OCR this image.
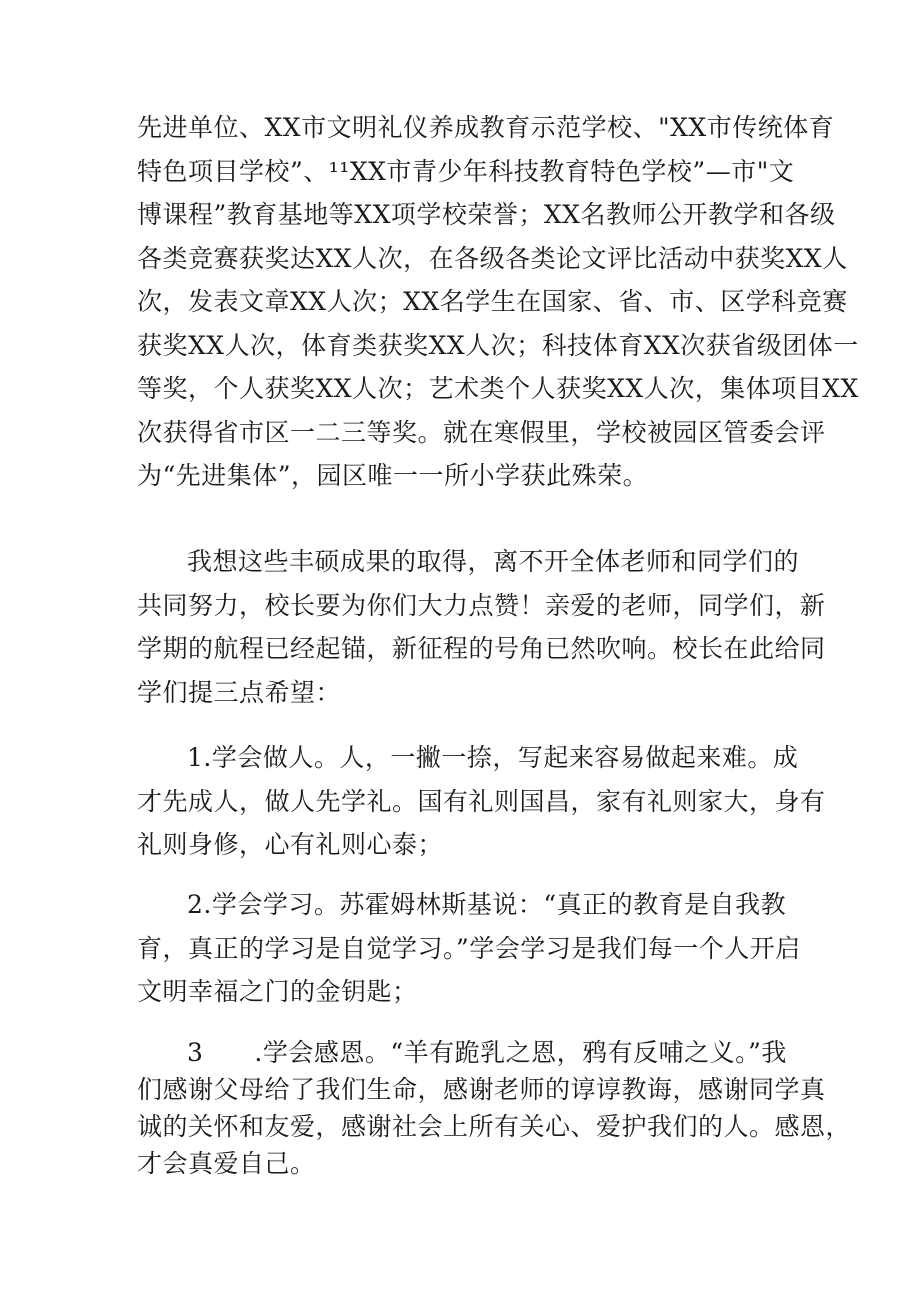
先进单位、XX市文明礼仪养成教育示范学校、"XX市传统体育
特色项目学校”、¹¹XX市青少年科技教育特色学校”—市"文
博课程”教育基地等XX项学校荣誉；XX名教师公开教学和各级
各类竞赛获奖达XX人次，在各级各类论文评比活动中获奖XX人
次，发表文章XX人次；XX名学生在国家、省、市、区学科竞赛
获奖XX人次，体育类获奖XX人次；科技体育XX次获省级团体一
等奖，个人获奖XX人次；艺术类个人获奖XX人次，集体项目XX
次获得省市区一二三等奖。就在寒假里，学校被园区管委会评
为“先进集体”，园区唯一一所小学获此殊荣。
我想这些丰硕成果的取得，离不开全体老师和同学们的
共同努力，校长要为你们大力点赞！亲爱的老师，同学们，新
学期的航程已经起锚，新征程的号角已然吹响。校长在此给同
学们提三点希望：
1.学会做人。人，一撇一捺，写起来容易做起来难。成
才先成人，做人先学礼。国有礼则国昌，家有礼则家大，身有
礼则身修，心有礼则心泰；
2.学会学习。苏霍姆林斯基说：“真正的教育是自我教
育，真正的学习是自觉学习。”学会学习是我们每一个人开启
文明幸福之门的金钥匙；
3　　.学会感恩。“羊有跪乳之恩，鸦有反哺之义。”我
们感谢父母给了我们生命，感谢老师的谆谆教诲，感谢同学真
诚的关怀和友爱，感谢社会上所有关心、爱护我们的人。感恩，
才会真爱自己。
